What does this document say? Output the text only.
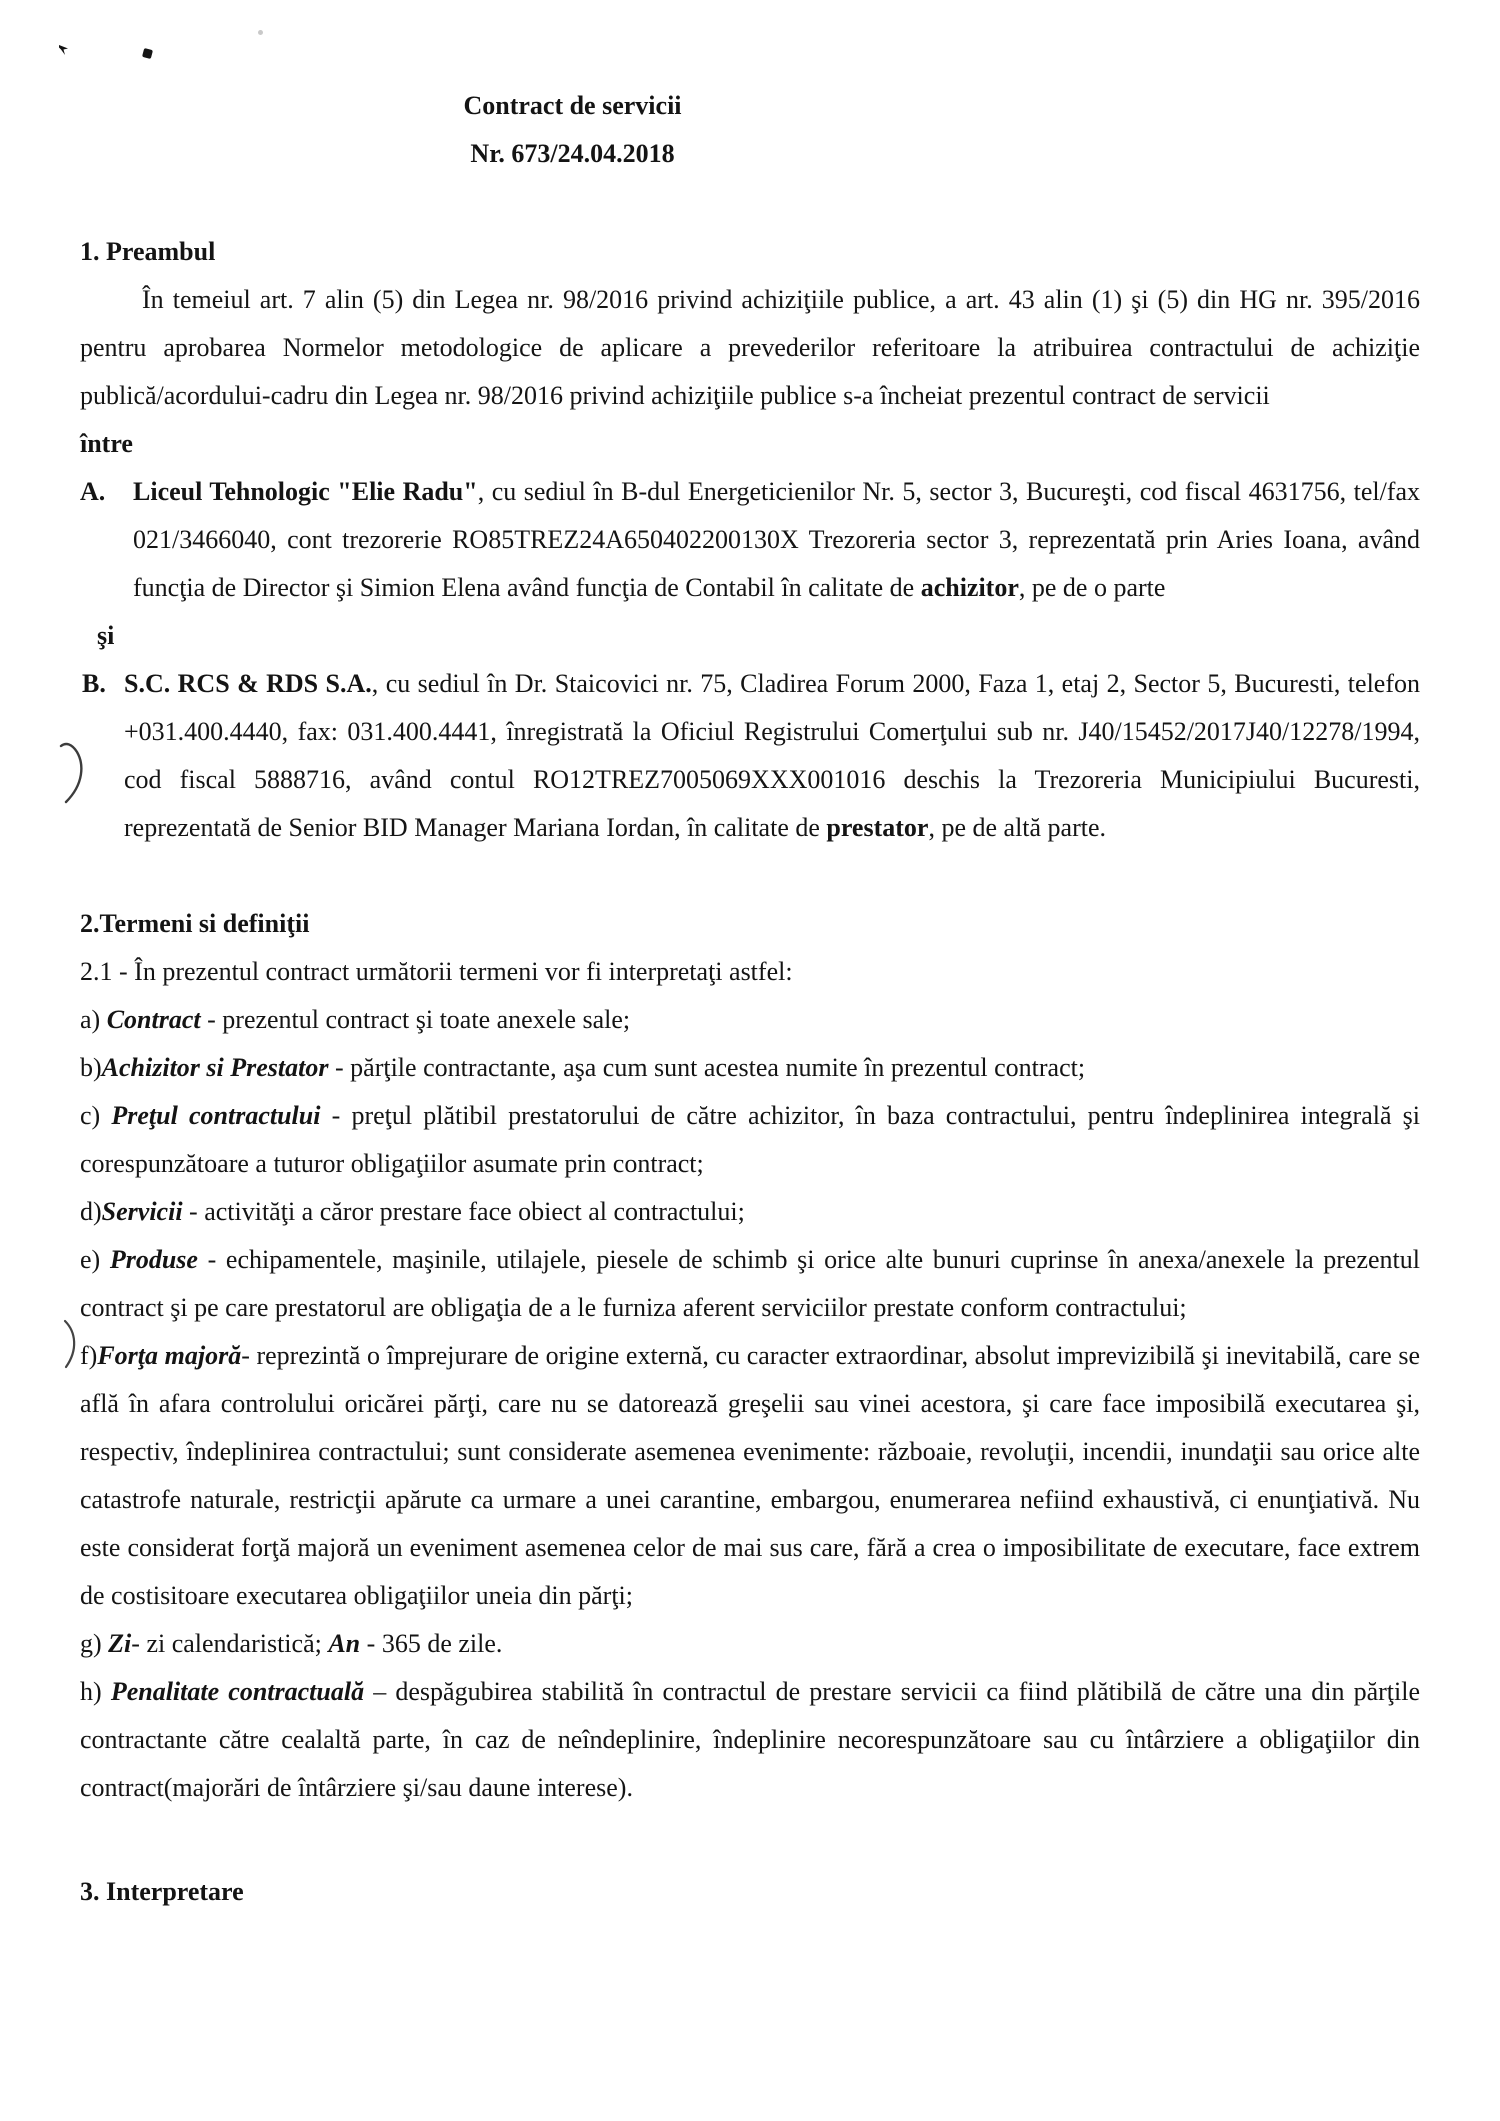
Contract de servicii

Nr. 673/24.04.2018

1. Preambul

În temeiul art. 7 alin (5) din Legea nr. 98/2016 privind achiziţiile publice, a art. 43 alin (1) şi (5) din HG nr. 395/2016 pentru aprobarea Normelor metodologice de aplicare a prevederilor referitoare la atribuirea contractului de achiziţie publică/acordului-cadru din Legea nr. 98/2016 privind achiziţiile publice s-a încheiat prezentul contract de servicii

între

A. Liceul Tehnologic "Elie Radu", cu sediul în B-dul Energeticienilor Nr. 5, sector 3, Bucureşti, cod fiscal 4631756, tel/fax 021/3466040, cont trezorerie RO85TREZ24A650402200130X Trezoreria sector 3, reprezentată prin Aries Ioana, având funcţia de Director şi Simion Elena având funcţia de Contabil în calitate de achizitor, pe de o parte

şi

B. S.C. RCS & RDS S.A., cu sediul în Dr. Staicovici nr. 75, Cladirea Forum 2000, Faza 1, etaj 2, Sector 5, Bucuresti, telefon +031.400.4440, fax: 031.400.4441, înregistrată la Oficiul Registrului Comerţului sub nr. J40/15452/2017J40/12278/1994, cod fiscal 5888716, având contul RO12TREZ7005069XXX001016 deschis la Trezoreria Municipiului Bucuresti, reprezentată de Senior BID Manager Mariana Iordan, în calitate de prestator, pe de altă parte.

2.Termeni si definiţii

2.1 - În prezentul contract următorii termeni vor fi interpretaţi astfel:

a) Contract - prezentul contract şi toate anexele sale;

b)Achizitor si Prestator - părţile contractante, aşa cum sunt acestea numite în prezentul contract;

c) Preţul contractului - preţul plătibil prestatorului de către achizitor, în baza contractului, pentru îndeplinirea integrală şi corespunzătoare a tuturor obligaţiilor asumate prin contract;

d)Servicii - activităţi a căror prestare face obiect al contractului;

e) Produse - echipamentele, maşinile, utilajele, piesele de schimb şi orice alte bunuri cuprinse în anexa/anexele la prezentul contract şi pe care prestatorul are obligaţia de a le furniza aferent serviciilor prestate conform contractului;

f)Forţa majoră- reprezintă o împrejurare de origine externă, cu caracter extraordinar, absolut imprevizibilă şi inevitabilă, care se află în afara controlului oricărei părţi, care nu se datorează greşelii sau vinei acestora, şi care face imposibilă executarea şi, respectiv, îndeplinirea contractului; sunt considerate asemenea evenimente: războaie, revoluţii, incendii, inundaţii sau orice alte catastrofe naturale, restricţii apărute ca urmare a unei carantine, embargou, enumerarea nefiind exhaustivă, ci enunţiativă. Nu este considerat forţă majoră un eveniment asemenea celor de mai sus care, fără a crea o imposibilitate de executare, face extrem de costisitoare executarea obligaţiilor uneia din părţi;

g) Zi- zi calendaristică; An - 365 de zile.

h) Penalitate contractuală – despăgubirea stabilită în contractul de prestare servicii ca fiind plătibilă de către una din părţile contractante către cealaltă parte, în caz de neîndeplinire, îndeplinire necorespunzătoare sau cu întârziere a obligaţiilor din contract(majorări de întârziere şi/sau daune interese).

3. Interpretare
